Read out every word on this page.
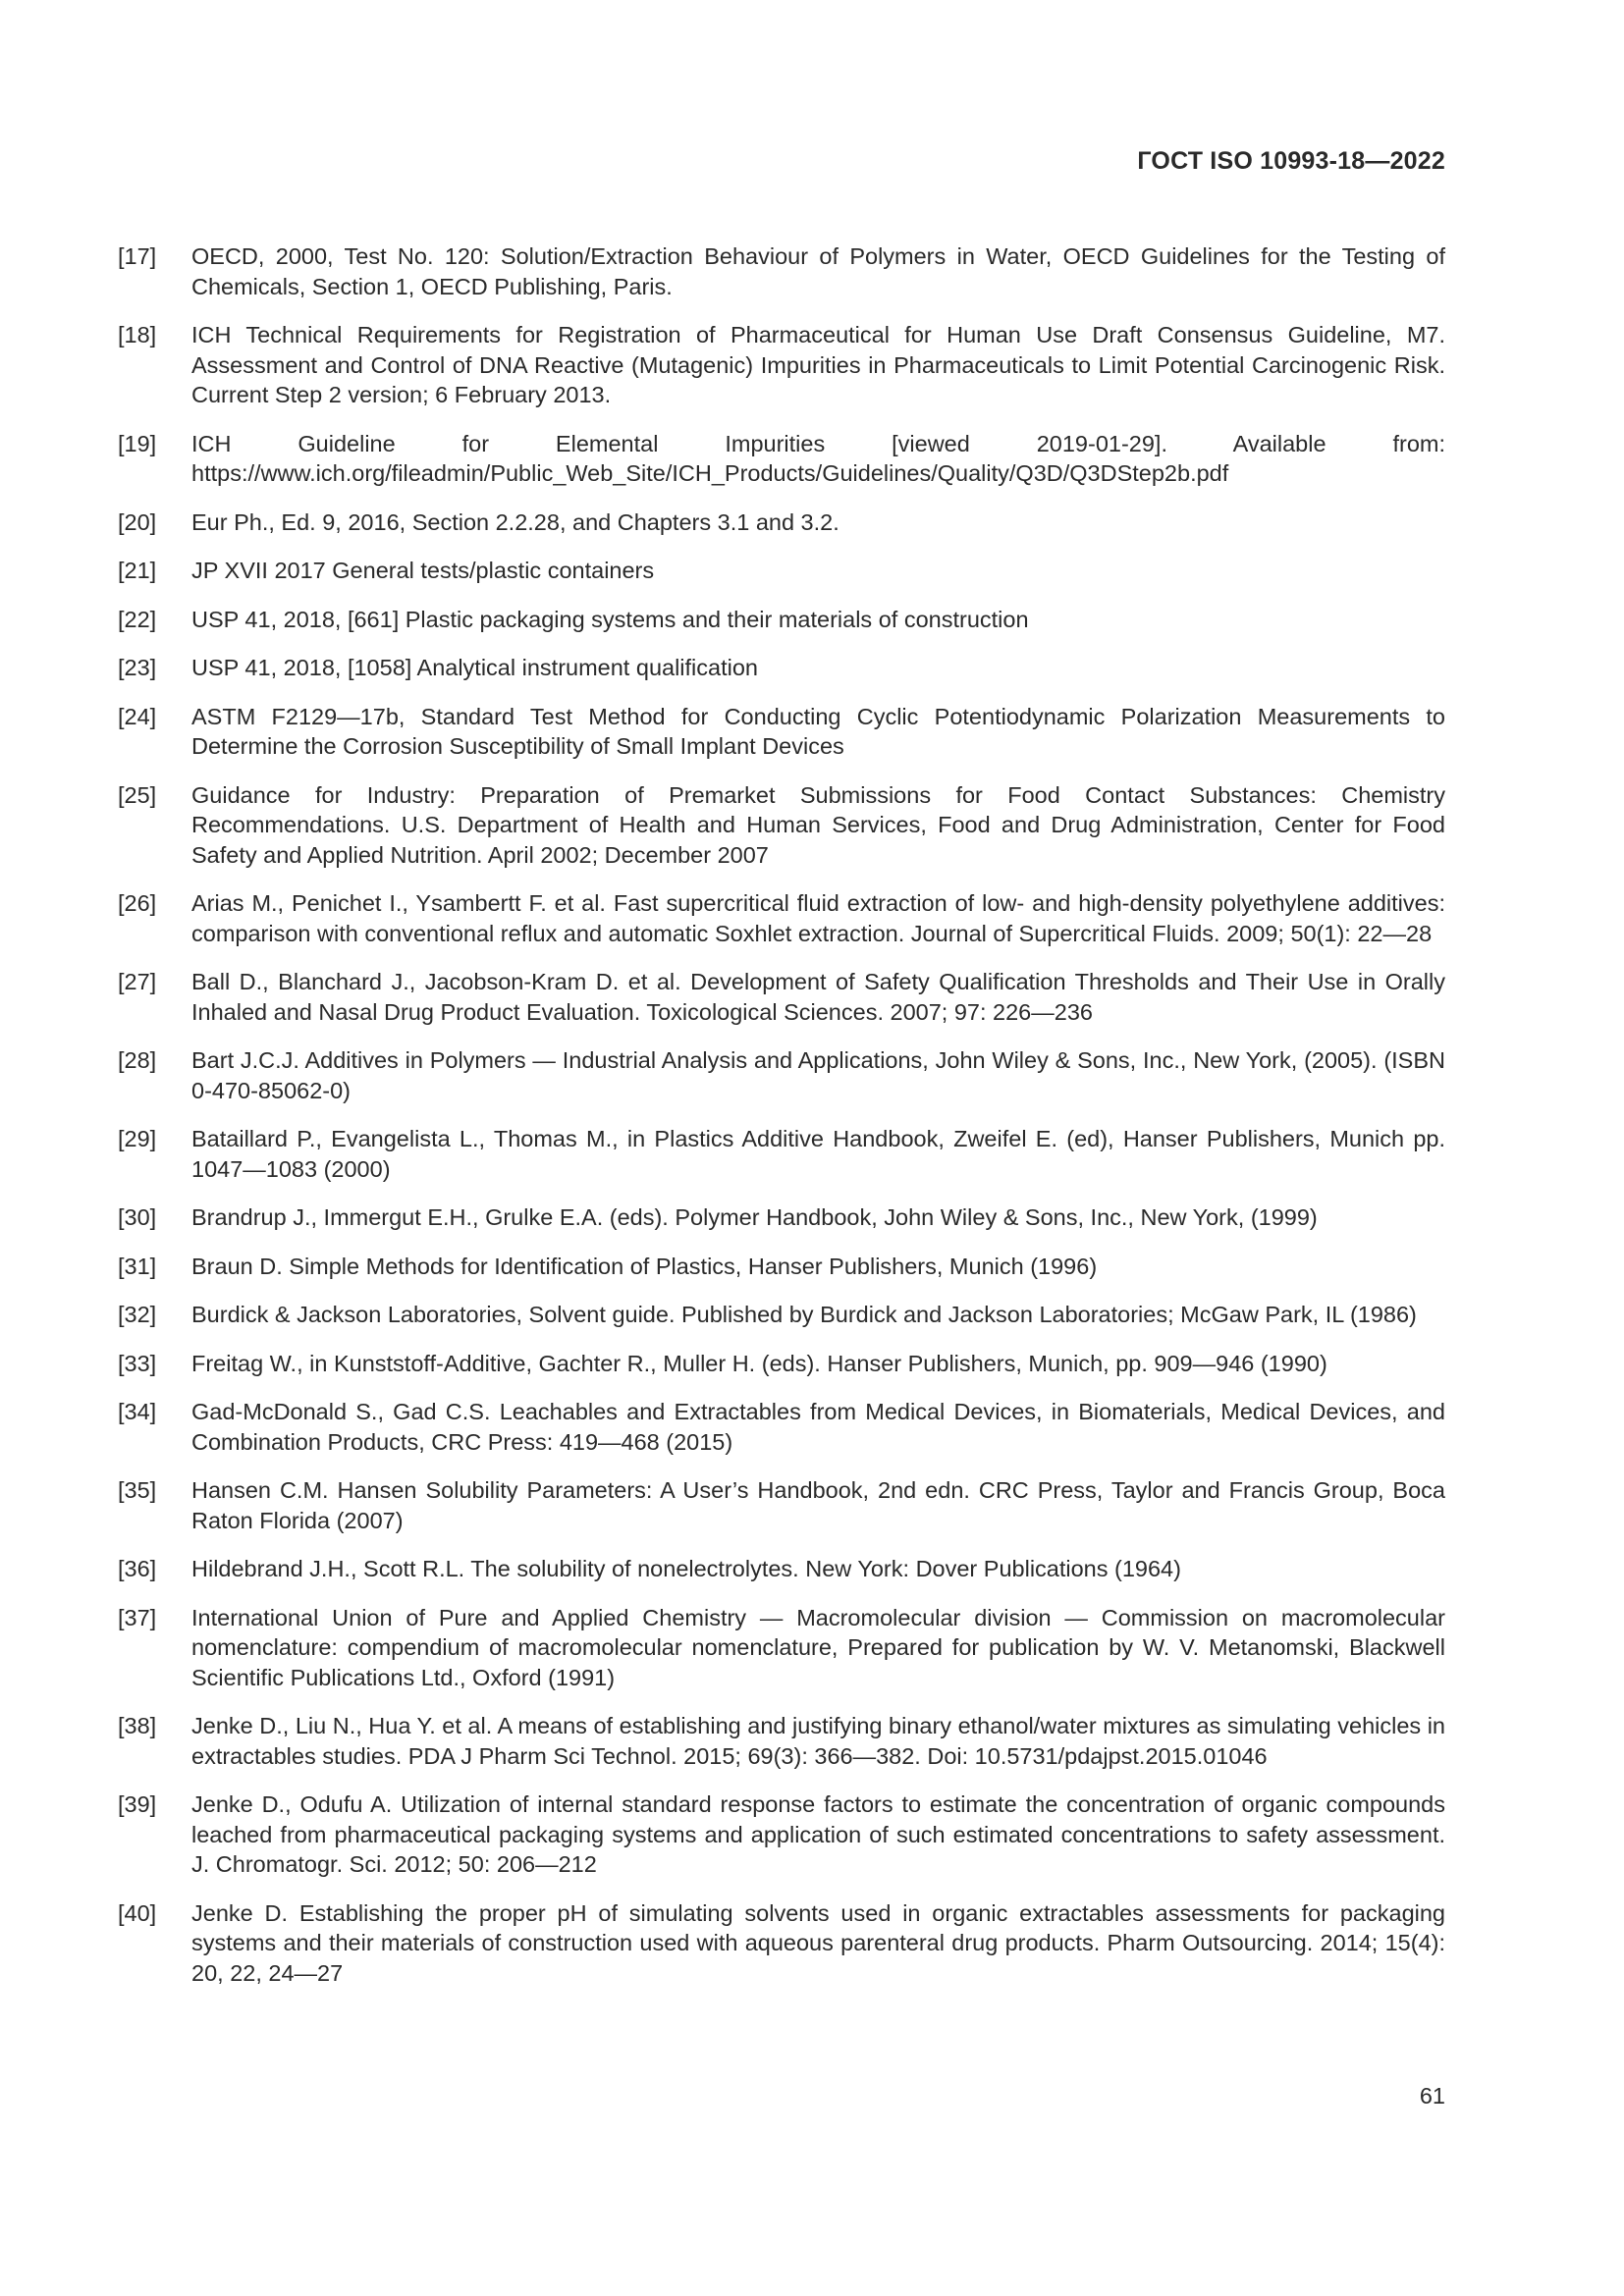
ГОСТ ISO 10993-18—2022
[17]	OECD, 2000, Test No. 120: Solution/Extraction Behaviour of Polymers in Water, OECD Guidelines for the Testing of Chemicals, Section 1, OECD Publishing, Paris.
[18]	ICH Technical Requirements for Registration of Pharmaceutical for Human Use Draft Consensus Guideline, M7. Assessment and Control of DNA Reactive (Mutagenic) Impurities in Pharmaceuticals to Limit Potential Carcinogenic Risk. Current Step 2 version; 6 February 2013.
[19]	ICH Guideline for Elemental Impurities [viewed 2019-01-29]. Available from: https://www.ich.org/fileadmin/Public_Web_Site/ICH_Products/Guidelines/Quality/Q3D/Q3DStep2b.pdf
[20]	Eur Ph., Ed. 9, 2016, Section 2.2.28, and Chapters 3.1 and 3.2.
[21]	JP XVII 2017 General tests/plastic containers
[22]	USP 41, 2018, [661] Plastic packaging systems and their materials of construction
[23]	USP 41, 2018, [1058] Analytical instrument qualification
[24]	ASTM F2129—17b, Standard Test Method for Conducting Cyclic Potentiodynamic Polarization Measurements to Determine the Corrosion Susceptibility of Small Implant Devices
[25]	Guidance for Industry: Preparation of Premarket Submissions for Food Contact Substances: Chemistry Recommendations. U.S. Department of Health and Human Services, Food and Drug Administration, Center for Food Safety and Applied Nutrition. April 2002; December 2007
[26]	Arias M., Penichet I., Ysambertt F. et al. Fast supercritical fluid extraction of low- and high-density polyethylene additives: comparison with conventional reflux and automatic Soxhlet extraction. Journal of Supercritical Fluids. 2009; 50(1): 22—28
[27]	Ball D., Blanchard J., Jacobson-Kram D. et al. Development of Safety Qualification Thresholds and Their Use in Orally Inhaled and Nasal Drug Product Evaluation. Toxicological Sciences. 2007; 97: 226—236
[28]	Bart J.C.J. Additives in Polymers — Industrial Analysis and Applications, John Wiley & Sons, Inc., New York, (2005). (ISBN 0-470-85062-0)
[29]	Bataillard P., Evangelista L., Thomas M., in Plastics Additive Handbook, Zweifel E. (ed), Hanser Publishers, Munich pp. 1047—1083 (2000)
[30]	Brandrup J., Immergut E.H., Grulke E.A. (eds). Polymer Handbook, John Wiley & Sons, Inc., New York, (1999)
[31]	Braun D. Simple Methods for Identification of Plastics, Hanser Publishers, Munich (1996)
[32]	Burdick & Jackson Laboratories, Solvent guide. Published by Burdick and Jackson Laboratories; McGaw Park, IL (1986)
[33]	Freitag W., in Kunststoff-Additive, Gachter R., Muller H. (eds). Hanser Publishers, Munich, pp. 909—946 (1990)
[34]	Gad-McDonald S., Gad C.S. Leachables and Extractables from Medical Devices, in Biomaterials, Medical Devices, and Combination Products, CRC Press: 419—468 (2015)
[35]	Hansen C.M. Hansen Solubility Parameters: A User’s Handbook, 2nd edn. CRC Press, Taylor and Francis Group, Boca Raton Florida (2007)
[36]	Hildebrand J.H., Scott R.L. The solubility of nonelectrolytes. New York: Dover Publications (1964)
[37]	International Union of Pure and Applied Chemistry — Macromolecular division — Commission on macromolecular nomenclature: compendium of macromolecular nomenclature, Prepared for publication by W. V. Metanomski, Blackwell Scientific Publications Ltd., Oxford (1991)
[38]	Jenke D., Liu N., Hua Y. et al. A means of establishing and justifying binary ethanol/water mixtures as simulating vehicles in extractables studies. PDA J Pharm Sci Technol. 2015; 69(3): 366—382. Doi: 10.5731/pdajpst.2015.01046
[39]	Jenke D., Odufu A. Utilization of internal standard response factors to estimate the concentration of organic compounds leached from pharmaceutical packaging systems and application of such estimated concentrations to safety assessment. J. Chromatogr. Sci. 2012; 50: 206—212
[40]	Jenke D. Establishing the proper pH of simulating solvents used in organic extractables assessments for packaging systems and their materials of construction used with aqueous parenteral drug products. Pharm Outsourcing. 2014; 15(4): 20, 22, 24—27
61
